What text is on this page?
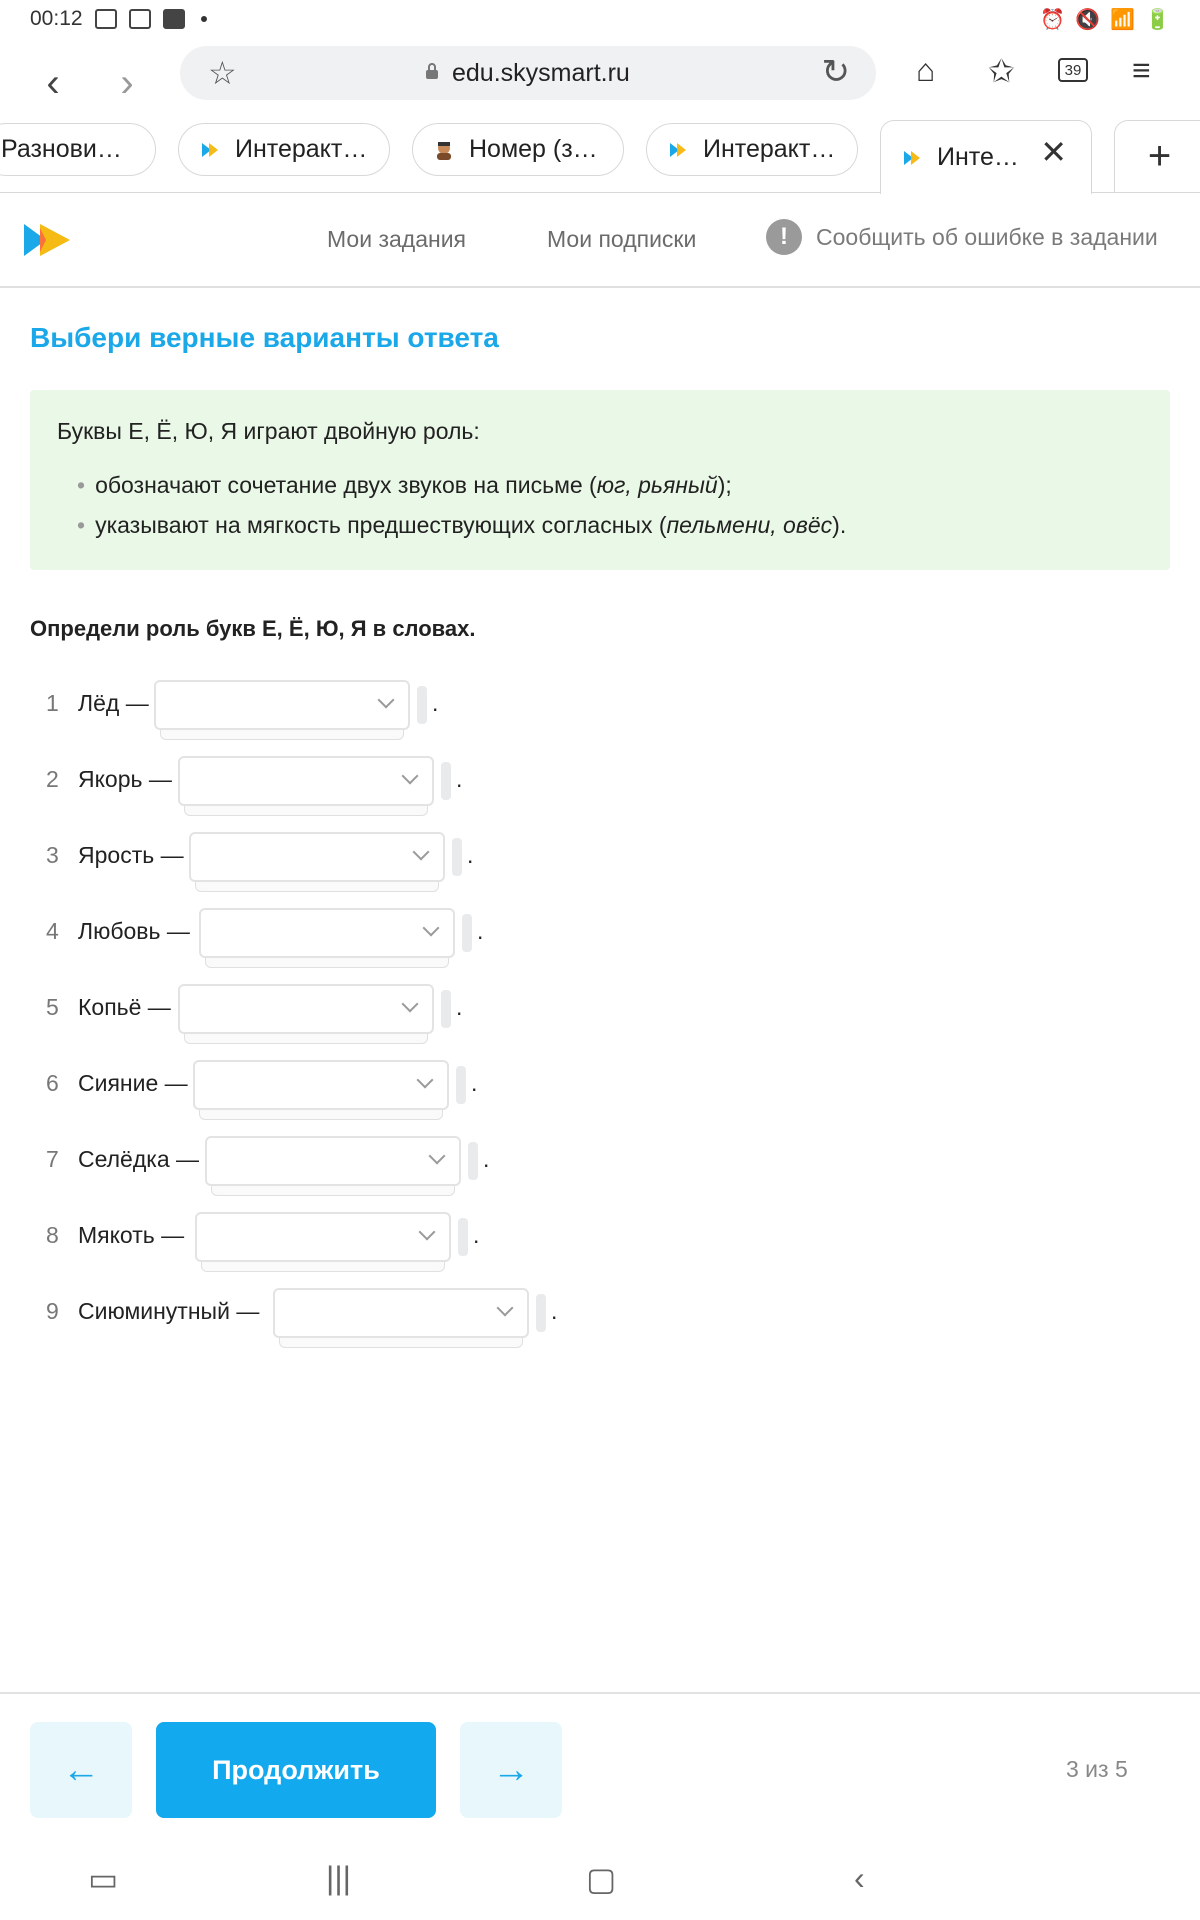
00:12	⏰ 🔇 📶 🔋
‹	›	☆	edu.skysmart.ru	↻ ⌂ ✩	39 ≡
Разнови…	Интеракт…	Номер (з…	Интеракт…	Инте… ✕	+
Мои задания	Мои подписки	!	Сообщить об ошибке в задании
Выбери верные варианты ответа
Буквы Е, Ё, Ю, Я играют двойную роль:
• обозначают сочетание двух звуков на письме (юг, рьяный);
• указывают на мягкость предшествующих согласных (пельмени, овёс).
Определи роль букв Е, Ё, Ю, Я в словах.
1 Лёд —	.
2 Якорь —	.
3 Ярость —	.
4 Любовь —	.
5 Копьё —	.
6 Сияние —	.
7 Селёдка —	.
8 Мякоть —	.
9 Сиюминутный —	.
←	Продолжить	→	3 из 5
▭	|||	▢	‹
